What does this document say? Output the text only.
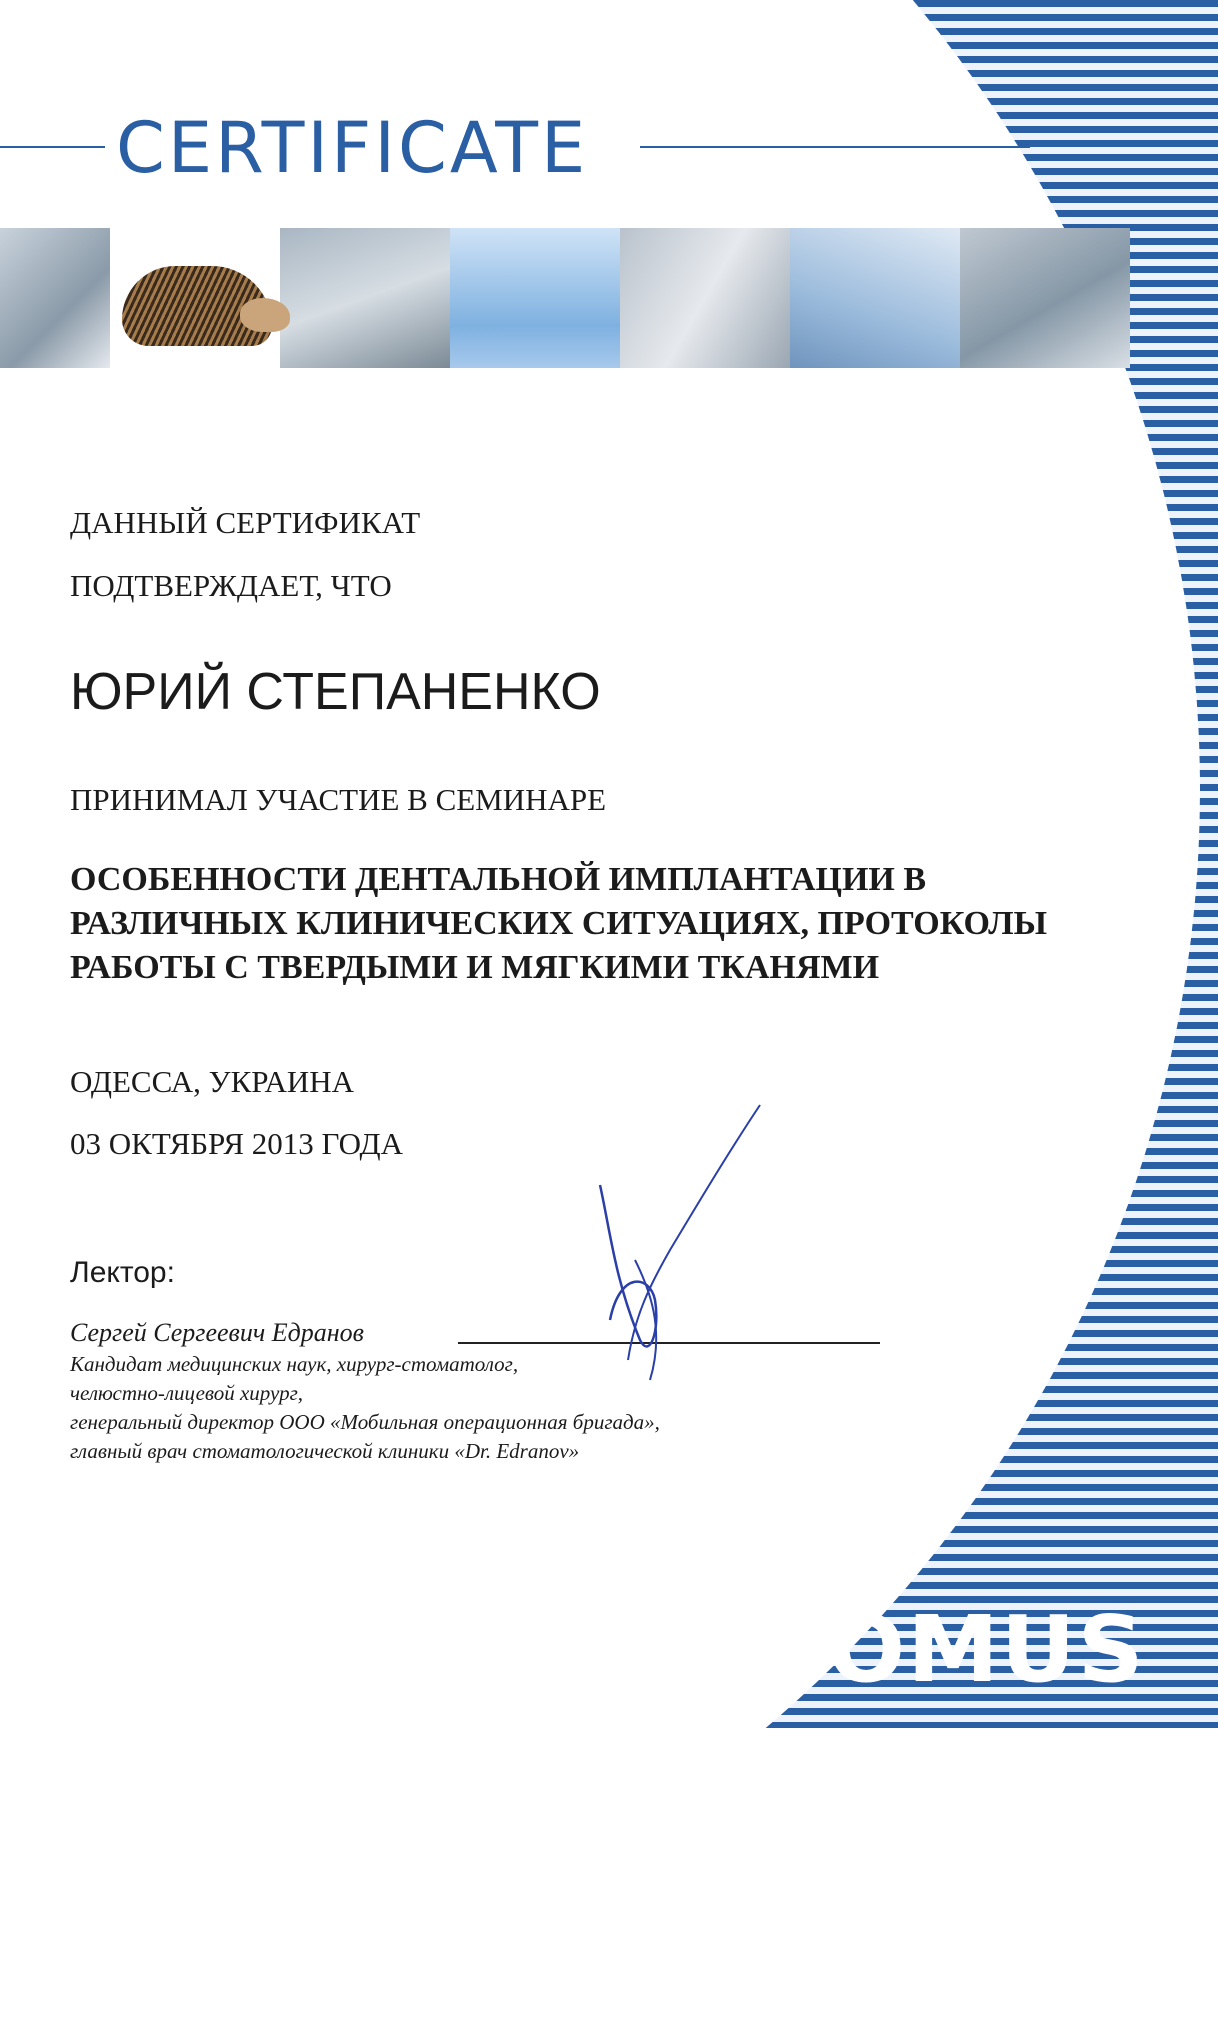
CERTIFICATE
ДАННЫЙ СЕРТИФИКАТ
ПОДТВЕРЖДАЕТ, ЧТО
ЮРИЙ СТЕПАНЕНКО
ПРИНИМАЛ УЧАСТИЕ В СЕМИНАРЕ
ОСОБЕННОСТИ ДЕНТАЛЬНОЙ ИМПЛАНТАЦИИ В
РАЗЛИЧНЫХ КЛИНИЧЕСКИХ СИТУАЦИЯХ, ПРОТОКОЛЫ
РАБОТЫ С ТВЕРДЫМИ И МЯГКИМИ ТКАНЯМИ
ОДЕССА, УКРАИНА
03 ОКТЯБРЯ 2013 ГОДА
Лектор:
Сергей Сергеевич Едранов
Кандидат медицинских наук, хирург-стоматолог,
челюстно-лицевой хирург,
генеральный директор ООО «Мобильная операционная бригада»,
главный врач стоматологической клиники «Dr. Edranov»
STOMUS
